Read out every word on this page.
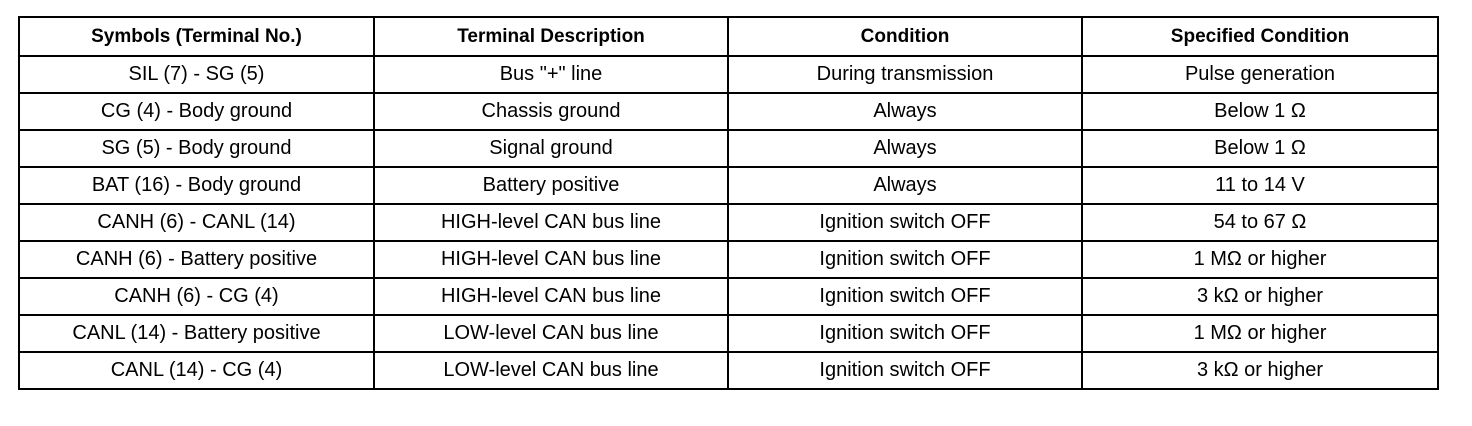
Symbols (Terminal No.)	Terminal Description	Condition	Specified Condition
SIL (7) - SG (5)	Bus "+" line	During transmission	Pulse generation
CG (4) - Body ground	Chassis ground	Always	Below 1 Ω
SG (5) - Body ground	Signal ground	Always	Below 1 Ω
BAT (16) - Body ground	Battery positive	Always	11 to 14 V
CANH (6) - CANL (14)	HIGH-level CAN bus line	Ignition switch OFF	54 to 67 Ω
CANH (6) - Battery positive	HIGH-level CAN bus line	Ignition switch OFF	1 MΩ or higher
CANH (6) - CG (4)	HIGH-level CAN bus line	Ignition switch OFF	3 kΩ or higher
CANL (14) - Battery positive	LOW-level CAN bus line	Ignition switch OFF	1 MΩ or higher
CANL (14) - CG (4)	LOW-level CAN bus line	Ignition switch OFF	3 kΩ or higher
